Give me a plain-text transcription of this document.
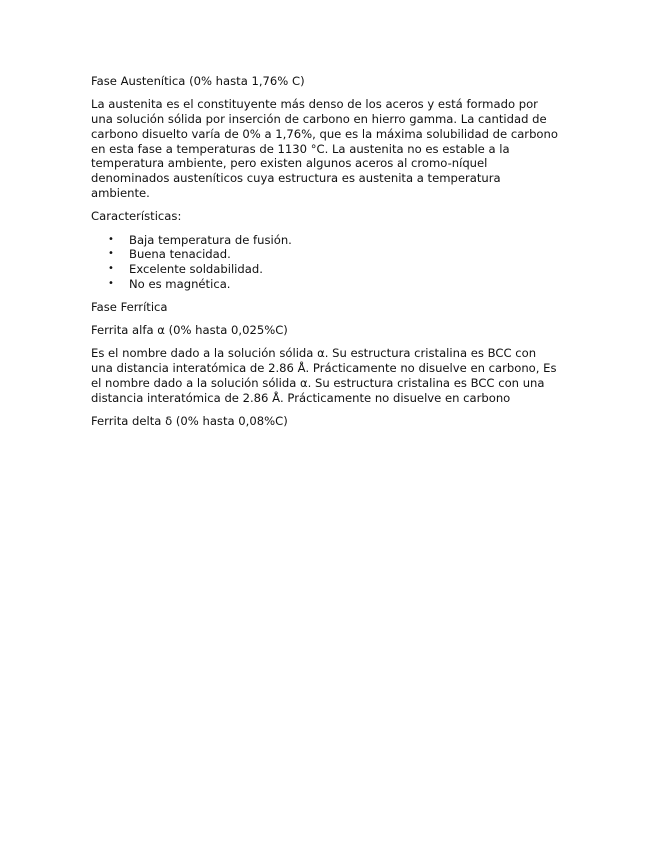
Fase Austenítica (0% hasta 1,76% C)

La austenita es el constituyente más denso de los aceros y está formado por una solución sólida por inserción de carbono en hierro gamma. La cantidad de carbono disuelto varía de 0% a 1,76%, que es la máxima solubilidad de carbono en esta fase a temperaturas de 1130 °C. La austenita no es estable a la temperatura ambiente, pero existen algunos aceros al cromo-níquel denominados austeníticos cuya estructura es austenita a temperatura ambiente.

Características:

• Baja temperatura de fusión.
• Buena tenacidad.
• Excelente soldabilidad.
• No es magnética.

Fase Ferrítica

Ferrita alfa α (0% hasta 0,025%C)

Es el nombre dado a la solución sólida α. Su estructura cristalina es BCC con una distancia interatómica de 2.86 Å. Prácticamente no disuelve en carbono, Es el nombre dado a la solución sólida α. Su estructura cristalina es BCC con una distancia interatómica de 2.86 Å. Prácticamente no disuelve en carbono

Ferrita delta δ (0% hasta 0,08%C)
